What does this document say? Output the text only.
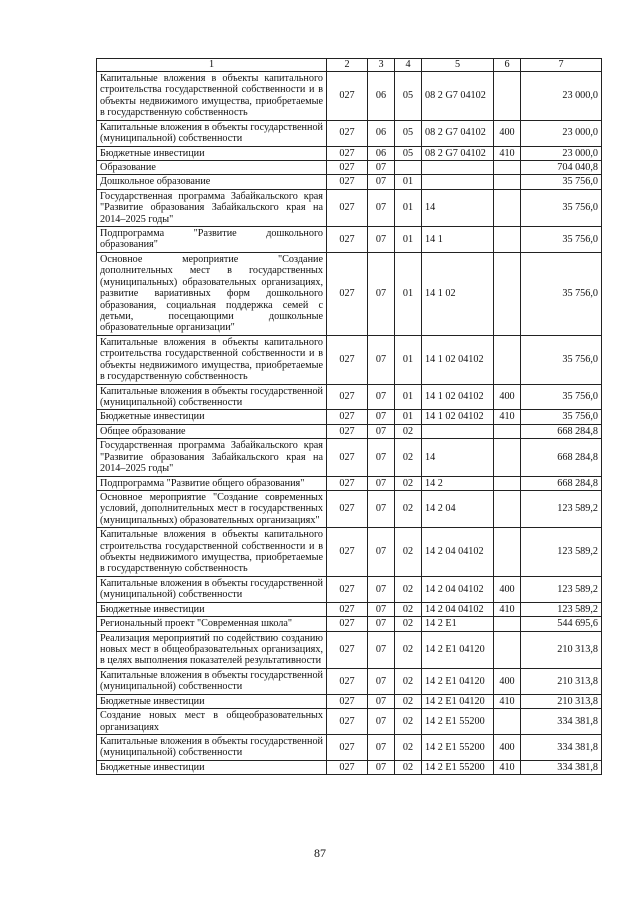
1	2	3	4	5	6	7
Капитальные вложения в объекты капитального строительства государственной собственности и в объекты недвижимого имущества, приобретаемые в государственную собственность	027	06	05	08 2 G7 04102		23 000,0
Капитальные вложения в объекты государственной (муниципальной) собственности	027	06	05	08 2 G7 04102	400	23 000,0
Бюджетные инвестиции	027	06	05	08 2 G7 04102	410	23 000,0
Образование	027	07				704 040,8
Дошкольное образование	027	07	01			35 756,0
Государственная программа Забайкальского края "Развитие образования Забайкальского края на 2014–2025 годы"	027	07	01	14		35 756,0
Подпрограмма "Развитие дошкольного образования"	027	07	01	14 1		35 756,0
Основное мероприятие "Создание дополнительных мест в государственных (муниципальных) образовательных организациях, развитие вариативных форм дошкольного образования, социальная поддержка семей с детьми, посещающими дошкольные образовательные организации"	027	07	01	14 1 02		35 756,0
Капитальные вложения в объекты капитального строительства государственной собственности и в объекты недвижимого имущества, приобретаемые в государственную собственность	027	07	01	14 1 02 04102		35 756,0
Капитальные вложения в объекты государственной (муниципальной) собственности	027	07	01	14 1 02 04102	400	35 756,0
Бюджетные инвестиции	027	07	01	14 1 02 04102	410	35 756,0
Общее образование	027	07	02			668 284,8
Государственная программа Забайкальского края "Развитие образования Забайкальского края на 2014–2025 годы"	027	07	02	14		668 284,8
Подпрограмма "Развитие общего образования"	027	07	02	14 2		668 284,8
Основное мероприятие "Создание современных условий, дополнительных мест в государственных (муниципальных) образовательных организациях"	027	07	02	14 2 04		123 589,2
Капитальные вложения в объекты капитального строительства государственной собственности и в объекты недвижимого имущества, приобретаемые в государственную собственность	027	07	02	14 2 04 04102		123 589,2
Капитальные вложения в объекты государственной (муниципальной) собственности	027	07	02	14 2 04 04102	400	123 589,2
Бюджетные инвестиции	027	07	02	14 2 04 04102	410	123 589,2
Региональный проект "Современная школа"	027	07	02	14 2 E1		544 695,6
Реализация мероприятий по содействию созданию новых мест в общеобразовательных организациях, в целях выполнения показателей результативности	027	07	02	14 2 E1 04120		210 313,8
Капитальные вложения в объекты государственной (муниципальной) собственности	027	07	02	14 2 E1 04120	400	210 313,8
Бюджетные инвестиции	027	07	02	14 2 E1 04120	410	210 313,8
Создание новых мест в общеобразовательных организациях	027	07	02	14 2 E1 55200		334 381,8
Капитальные вложения в объекты государственной (муниципальной) собственности	027	07	02	14 2 E1 55200	400	334 381,8
Бюджетные инвестиции	027	07	02	14 2 E1 55200	410	334 381,8
87
